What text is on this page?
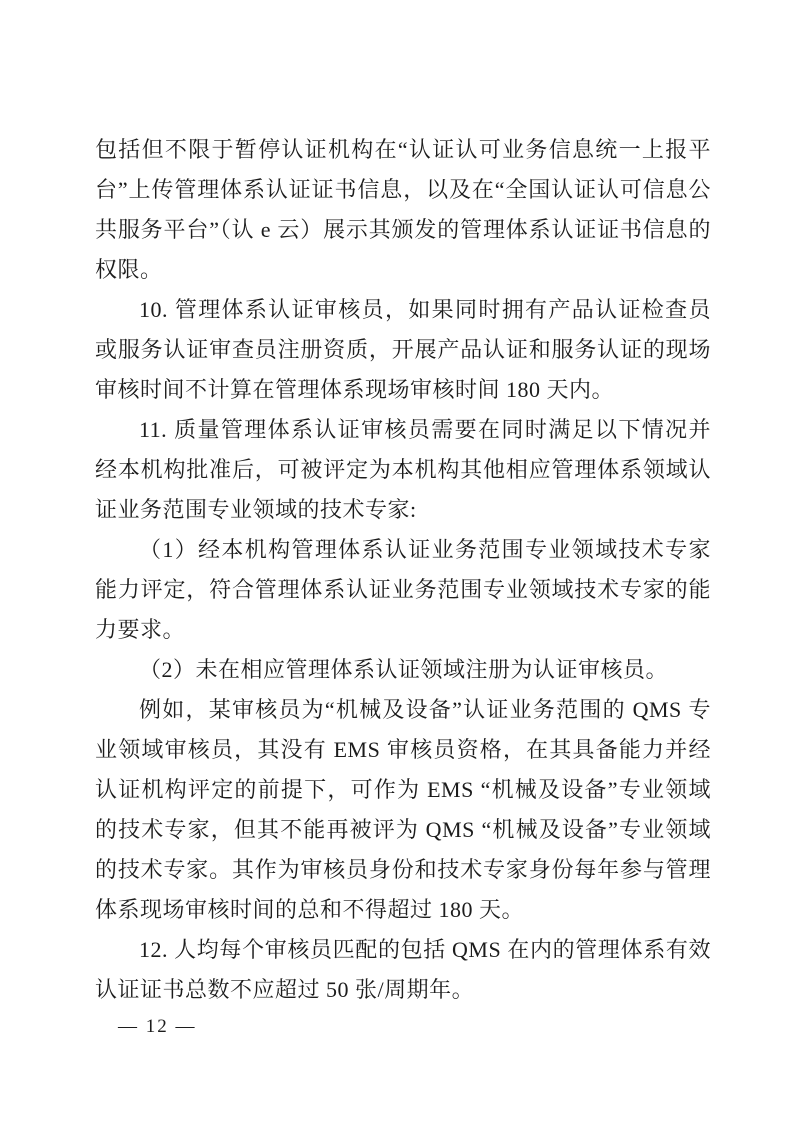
包括但不限于暂停认证机构在“认证认可业务信息统一上报平台”上传管理体系认证证书信息，以及在“全国认证认可信息公共服务平台”（认 e 云）展示其颁发的管理体系认证证书信息的权限。

10. 管理体系认证审核员，如果同时拥有产品认证检查员或服务认证审查员注册资质，开展产品认证和服务认证的现场审核时间不计算在管理体系现场审核时间 180 天内。

11. 质量管理体系认证审核员需要在同时满足以下情况并经本机构批准后，可被评定为本机构其他相应管理体系领域认证业务范围专业领域的技术专家:

（1）经本机构管理体系认证业务范围专业领域技术专家能力评定，符合管理体系认证业务范围专业领域技术专家的能力要求。

（2）未在相应管理体系认证领域注册为认证审核员。

例如，某审核员为“机械及设备”认证业务范围的 QMS 专业领域审核员，其没有 EMS 审核员资格，在其具备能力并经认证机构评定的前提下，可作为 EMS “机械及设备”专业领域的技术专家，但其不能再被评为 QMS “机械及设备”专业领域的技术专家。其作为审核员身份和技术专家身份每年参与管理体系现场审核时间的总和不得超过 180 天。

12. 人均每个审核员匹配的包括 QMS 在内的管理体系有效认证证书总数不应超过 50 张/周期年。

— 12 —
